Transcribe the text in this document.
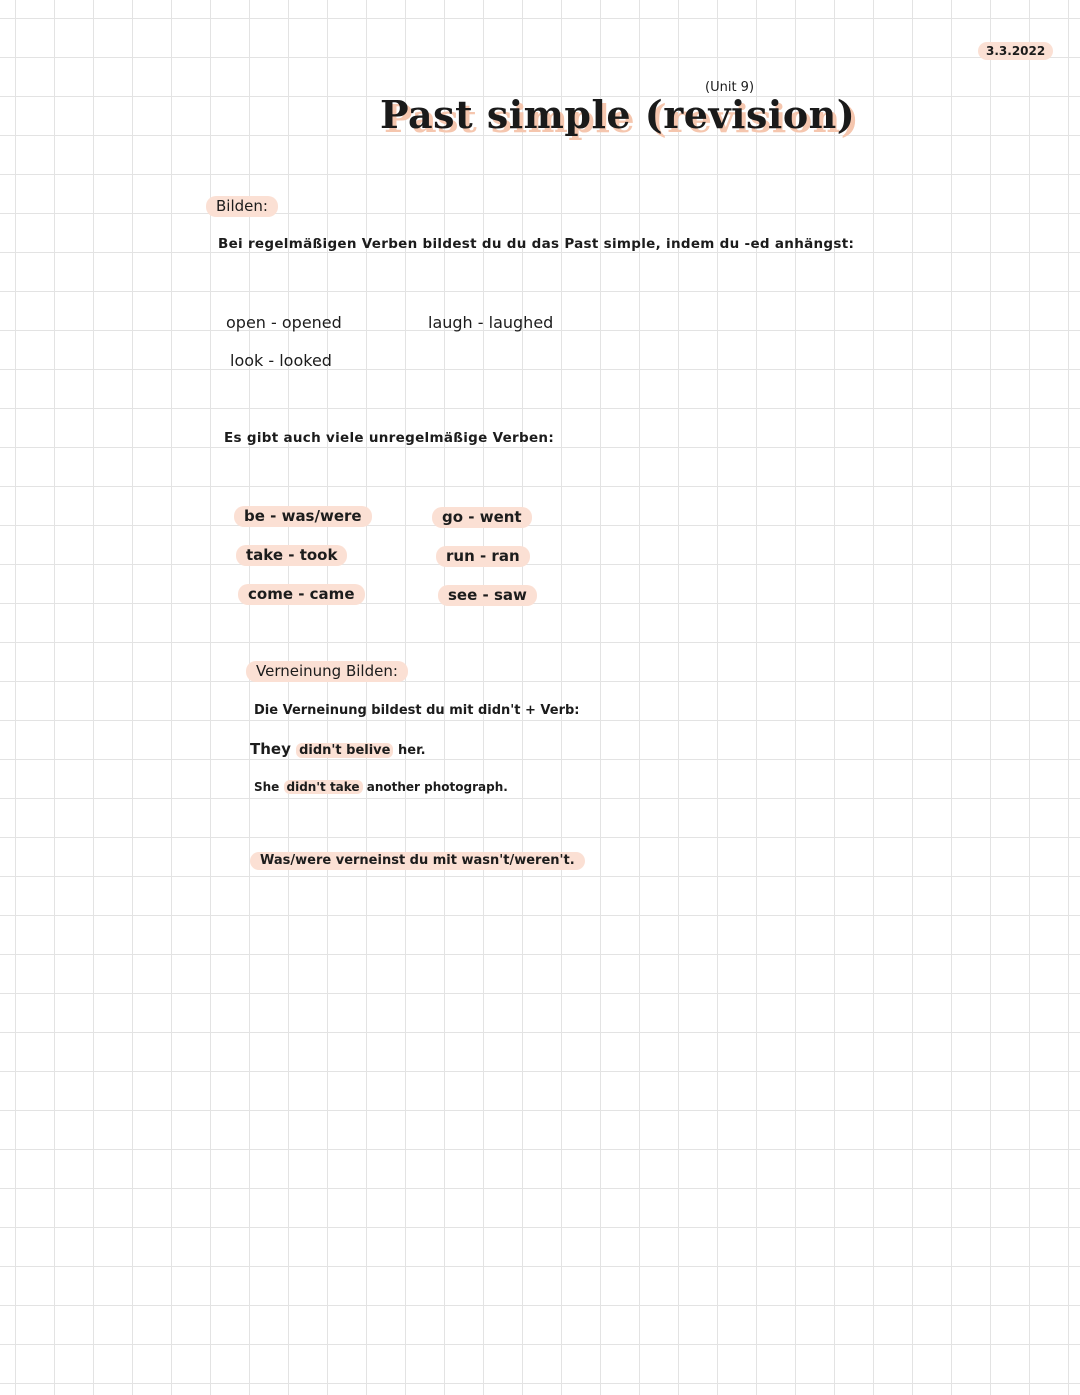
3.3.2022
(Unit 9)
Past simple (revision)
Bilden:
Bei regelmäßigen Verben bildest du du das Past simple, indem du -ed anhängst:
open - opened	laugh - laughed
look - looked
Es gibt auch viele unregelmäßige Verben:
be - was/were	go - went
take - took	run - ran
come - came	see - saw
Verneinung Bilden:
Die Verneinung bildest du mit didn't + Verb:
They didn't belive her.
She didn't take another photograph.
Was/were verneinst du mit wasn't/weren't.
